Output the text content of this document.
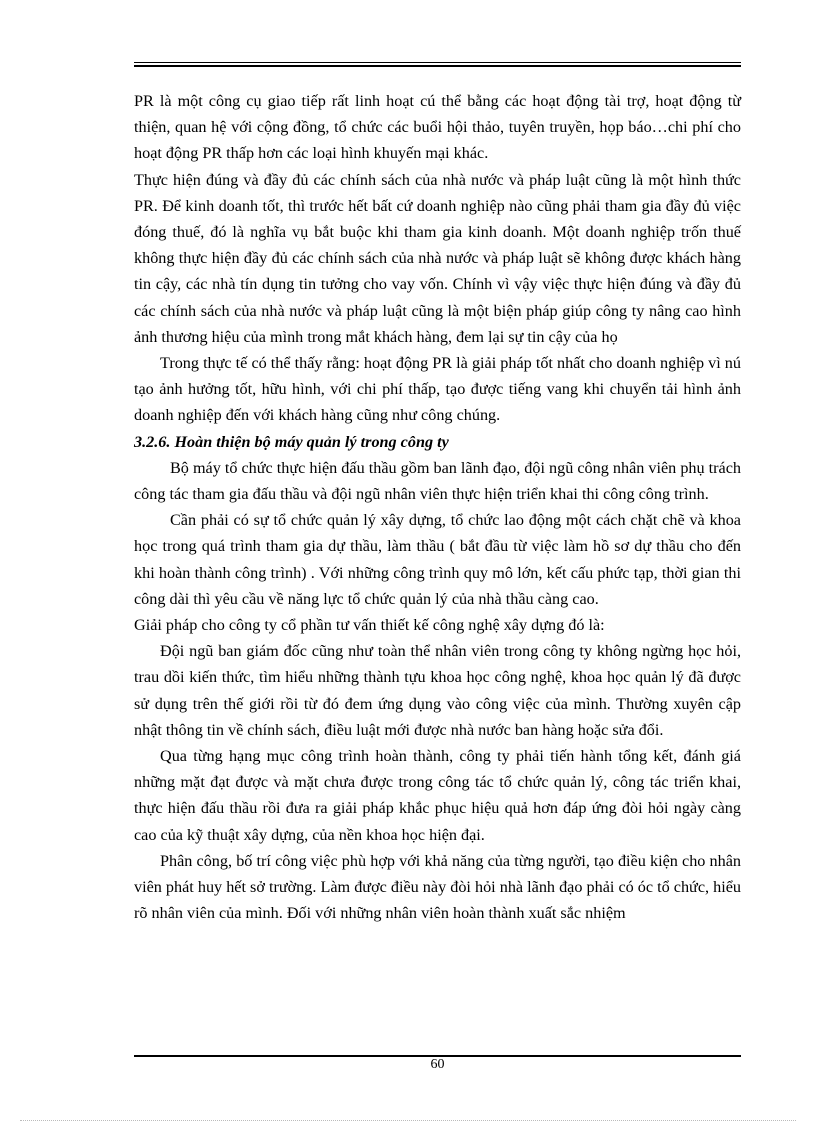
PR là một công cụ giao tiếp rất linh hoạt cú thể bằng các hoạt động tài trợ, hoạt động từ thiện, quan hệ với cộng đồng, tổ chức các buổi hội thảo, tuyên truyền, họp báo…chi phí cho hoạt động PR thấp hơn các loại hình khuyến mại khác.

Thực hiện đúng và đầy đủ các chính sách của nhà nước và pháp luật cũng là một hình thức PR. Để kinh doanh tốt, thì trước hết bất cứ doanh nghiệp nào cũng phải tham gia đầy đủ việc đóng thuế, đó là nghĩa vụ bắt buộc khi tham gia kinh doanh. Một doanh nghiệp trốn thuế không thực hiện đầy đủ các chính sách của nhà nước và pháp luật sẽ không được khách hàng tin cậy, các nhà tín dụng tin tưởng cho vay vốn. Chính vì vậy việc thực hiện đúng và đầy đủ các chính sách của nhà nước và pháp luật cũng là một biện pháp giúp công ty nâng cao hình ảnh thương hiệu của mình trong mắt khách hàng, đem lại sự tin cậy của họ

Trong thực tế có thể thấy rằng: hoạt động PR là giải pháp tốt nhất cho doanh nghiệp vì nú tạo ảnh hưởng tốt, hữu hình, với chi phí thấp, tạo được tiếng vang khi chuyển tải hình ảnh doanh nghiệp đến với khách hàng cũng như công chúng.

3.2.6. Hoàn thiện bộ máy quản lý trong công ty

Bộ máy tổ chức thực hiện đấu thầu gồm ban lãnh đạo, đội ngũ công nhân viên phụ trách công tác tham gia đấu thầu và đội ngũ nhân viên thực hiện triển khai thi công công trình.

Cần phải có sự tổ chức quản lý xây dựng, tổ chức lao động một cách chặt chẽ và khoa học trong quá trình tham gia dự thầu, làm thầu ( bắt đầu từ việc làm hồ sơ dự thầu cho đến khi hoàn thành công trình) . Với những công trình quy mô lớn, kết cấu phức tạp, thời gian thi công dài thì yêu cầu về năng lực tổ chức quản lý của nhà thầu càng cao.

Giải pháp cho công ty cổ phần tư vấn thiết kế công nghệ xây dựng đó là:

Đội ngũ ban giám đốc cũng như toàn thể nhân viên trong công ty không ngừng học hỏi, trau dồi kiến thức, tìm hiểu những thành tựu khoa học công nghệ, khoa học quản lý đã được sử dụng trên thế giới rồi từ đó đem ứng dụng vào công việc của mình. Thường xuyên cập nhật thông tin về chính sách, điều luật mới được nhà nước ban hàng hoặc sửa đổi.

Qua từng hạng mục công trình hoàn thành, công ty phải tiến hành tổng kết, đánh giá những mặt đạt được và mặt chưa được trong công tác tổ chức quản lý, công tác triển khai, thực hiện đấu thầu rồi đưa ra giải pháp khắc phục hiệu quả hơn đáp ứng đòi hỏi ngày càng cao của kỹ thuật xây dựng, của nền khoa học hiện đại.

Phân công, bố trí công việc phù hợp với khả năng của từng người, tạo điều kiện cho nhân viên phát huy hết sở trường. Làm được điều này đòi hỏi nhà lãnh đạo phải có óc tổ chức, hiểu rõ nhân viên của mình. Đối với những nhân viên hoàn thành xuất sắc nhiệm

60
